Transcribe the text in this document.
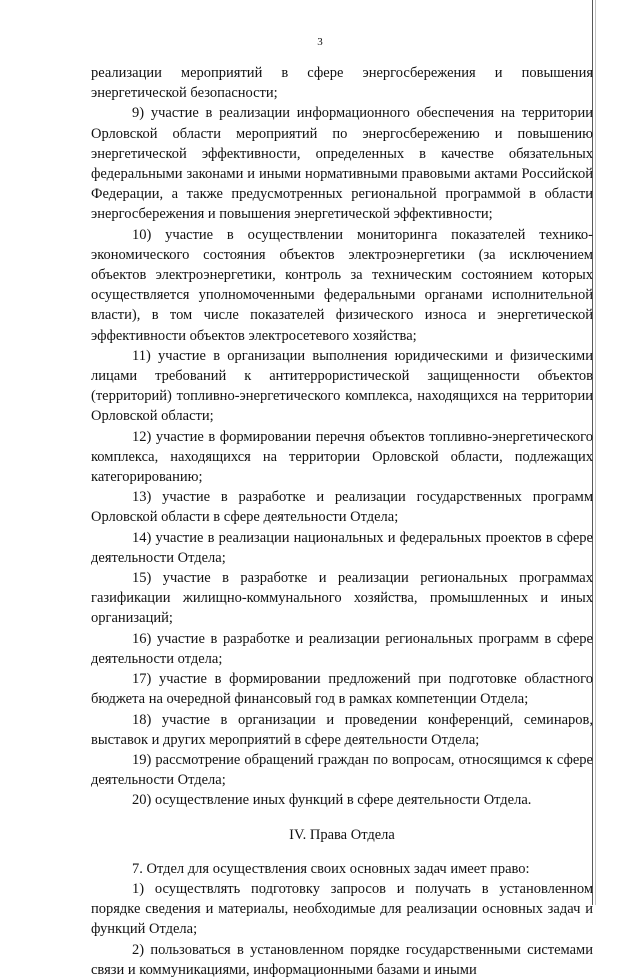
3

реализации мероприятий в сфере энергосбережения и повышения энергетической безопасности;

9) участие в реализации информационного обеспечения на территории Орловской области мероприятий по энергосбережению и повышению энергетической эффективности, определенных в качестве обязательных федеральными законами и иными нормативными правовыми актами Российской Федерации, а также предусмотренных региональной программой в области энергосбережения и повышения энергетической эффективности;

10) участие в осуществлении мониторинга показателей технико-экономического состояния объектов электроэнергетики (за исключением объектов электроэнергетики, контроль за техническим состоянием которых осуществляется уполномоченными федеральными органами исполнительной власти), в том числе показателей физического износа и энергетической эффективности объектов электросетевого хозяйства;

11) участие в организации выполнения юридическими и физическими лицами требований к антитеррористической защищенности объектов (территорий) топливно-энергетического комплекса, находящихся на территории Орловской области;

12) участие в формировании перечня объектов топливно-энергетического комплекса, находящихся на территории Орловской области, подлежащих категорированию;

13) участие в разработке и реализации государственных программ Орловской области в сфере деятельности Отдела;

14) участие в реализации национальных и федеральных проектов в сфере деятельности Отдела;

15) участие в разработке и реализации региональных программах газификации жилищно-коммунального хозяйства, промышленных и иных организаций;

16) участие в разработке и реализации региональных программ в сфере деятельности отдела;

17) участие в формировании предложений при подготовке областного бюджета на очередной финансовый год в рамках компетенции Отдела;

18) участие в организации и проведении конференций, семинаров, выставок и других мероприятий в сфере деятельности Отдела;

19) рассмотрение обращений граждан по вопросам, относящимся к сфере деятельности Отдела;

20) осуществление иных функций в сфере деятельности Отдела.

IV. Права Отдела

7. Отдел для осуществления своих основных задач имеет право:

1) осуществлять подготовку запросов и получать в установленном порядке сведения и материалы, необходимые для реализации основных задач и функций Отдела;

2) пользоваться в установленном порядке государственными системами связи и коммуникациями, информационными базами и иными
